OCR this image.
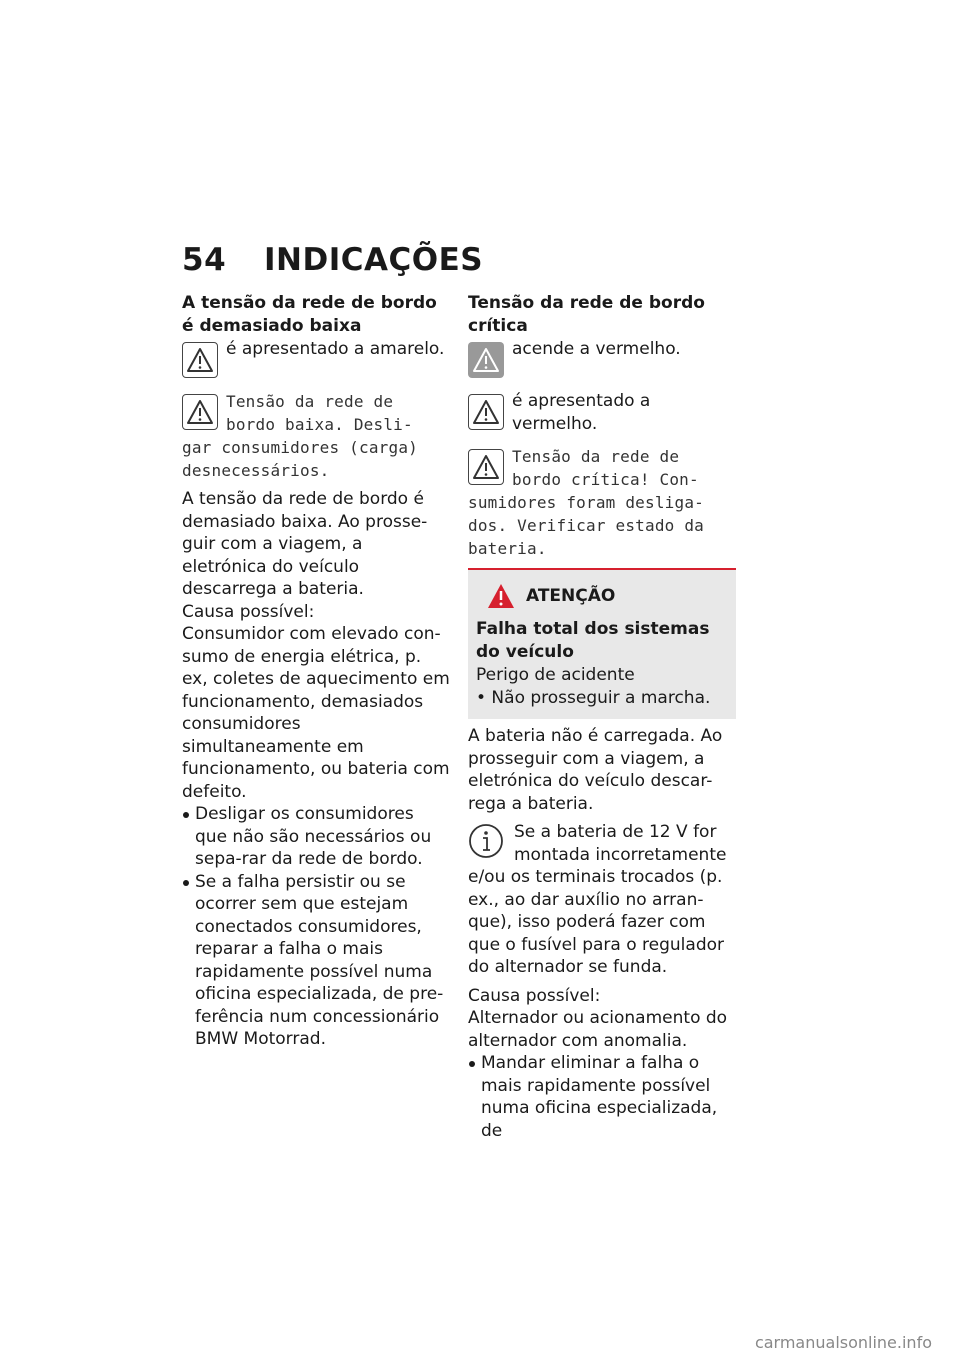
54 INDICAÇÕES

A tensão da rede de bordo é demasiado baixa

é apresentado a amarelo.

Tensão da rede de

bordo baixa. Desli-

gar consumidores (carga)

desnecessários.

A tensão da rede de bordo é demasiado baixa. Ao prosse-guir com a viagem, a eletrónica do veículo descarrega a bateria.

Causa possível:

Consumidor com elevado con-sumo de energia elétrica, p. ex, coletes de aquecimento em funcionamento, demasiados consumidores simultaneamente em funcionamento, ou bateria com defeito.

Desligar os consumidores que não são necessários ou sepa-rar da rede de bordo.

Se a falha persistir ou se ocorrer sem que estejam conectados consumidores, reparar a falha o mais rapidamente possível numa oficina especializada, de pre-ferência num concessionário BMW Motorrad.

Tensão da rede de bordo crítica

acende a vermelho.

é apresentado a vermelho.

Tensão da rede de

bordo crítica! Con-

sumidores foram desliga-

dos. Verificar estado da

bateria.

ATENÇÃO

Falha total dos sistemas do veículo

Perigo de acidente

• Não prosseguir a marcha.

A bateria não é carregada. Ao prosseguir com a viagem, a eletrónica do veículo descar-rega a bateria.

Se a bateria de 12 V for

montada incorretamente

e/ou os terminais trocados (p. ex., ao dar auxílio no arran-que), isso poderá fazer com que o fusível para o regulador do alternador se funda.

Causa possível:

Alternador ou acionamento do alternador com anomalia.

Mandar eliminar a falha o mais rapidamente possível numa oficina especializada, de

carmanualsonline.info
